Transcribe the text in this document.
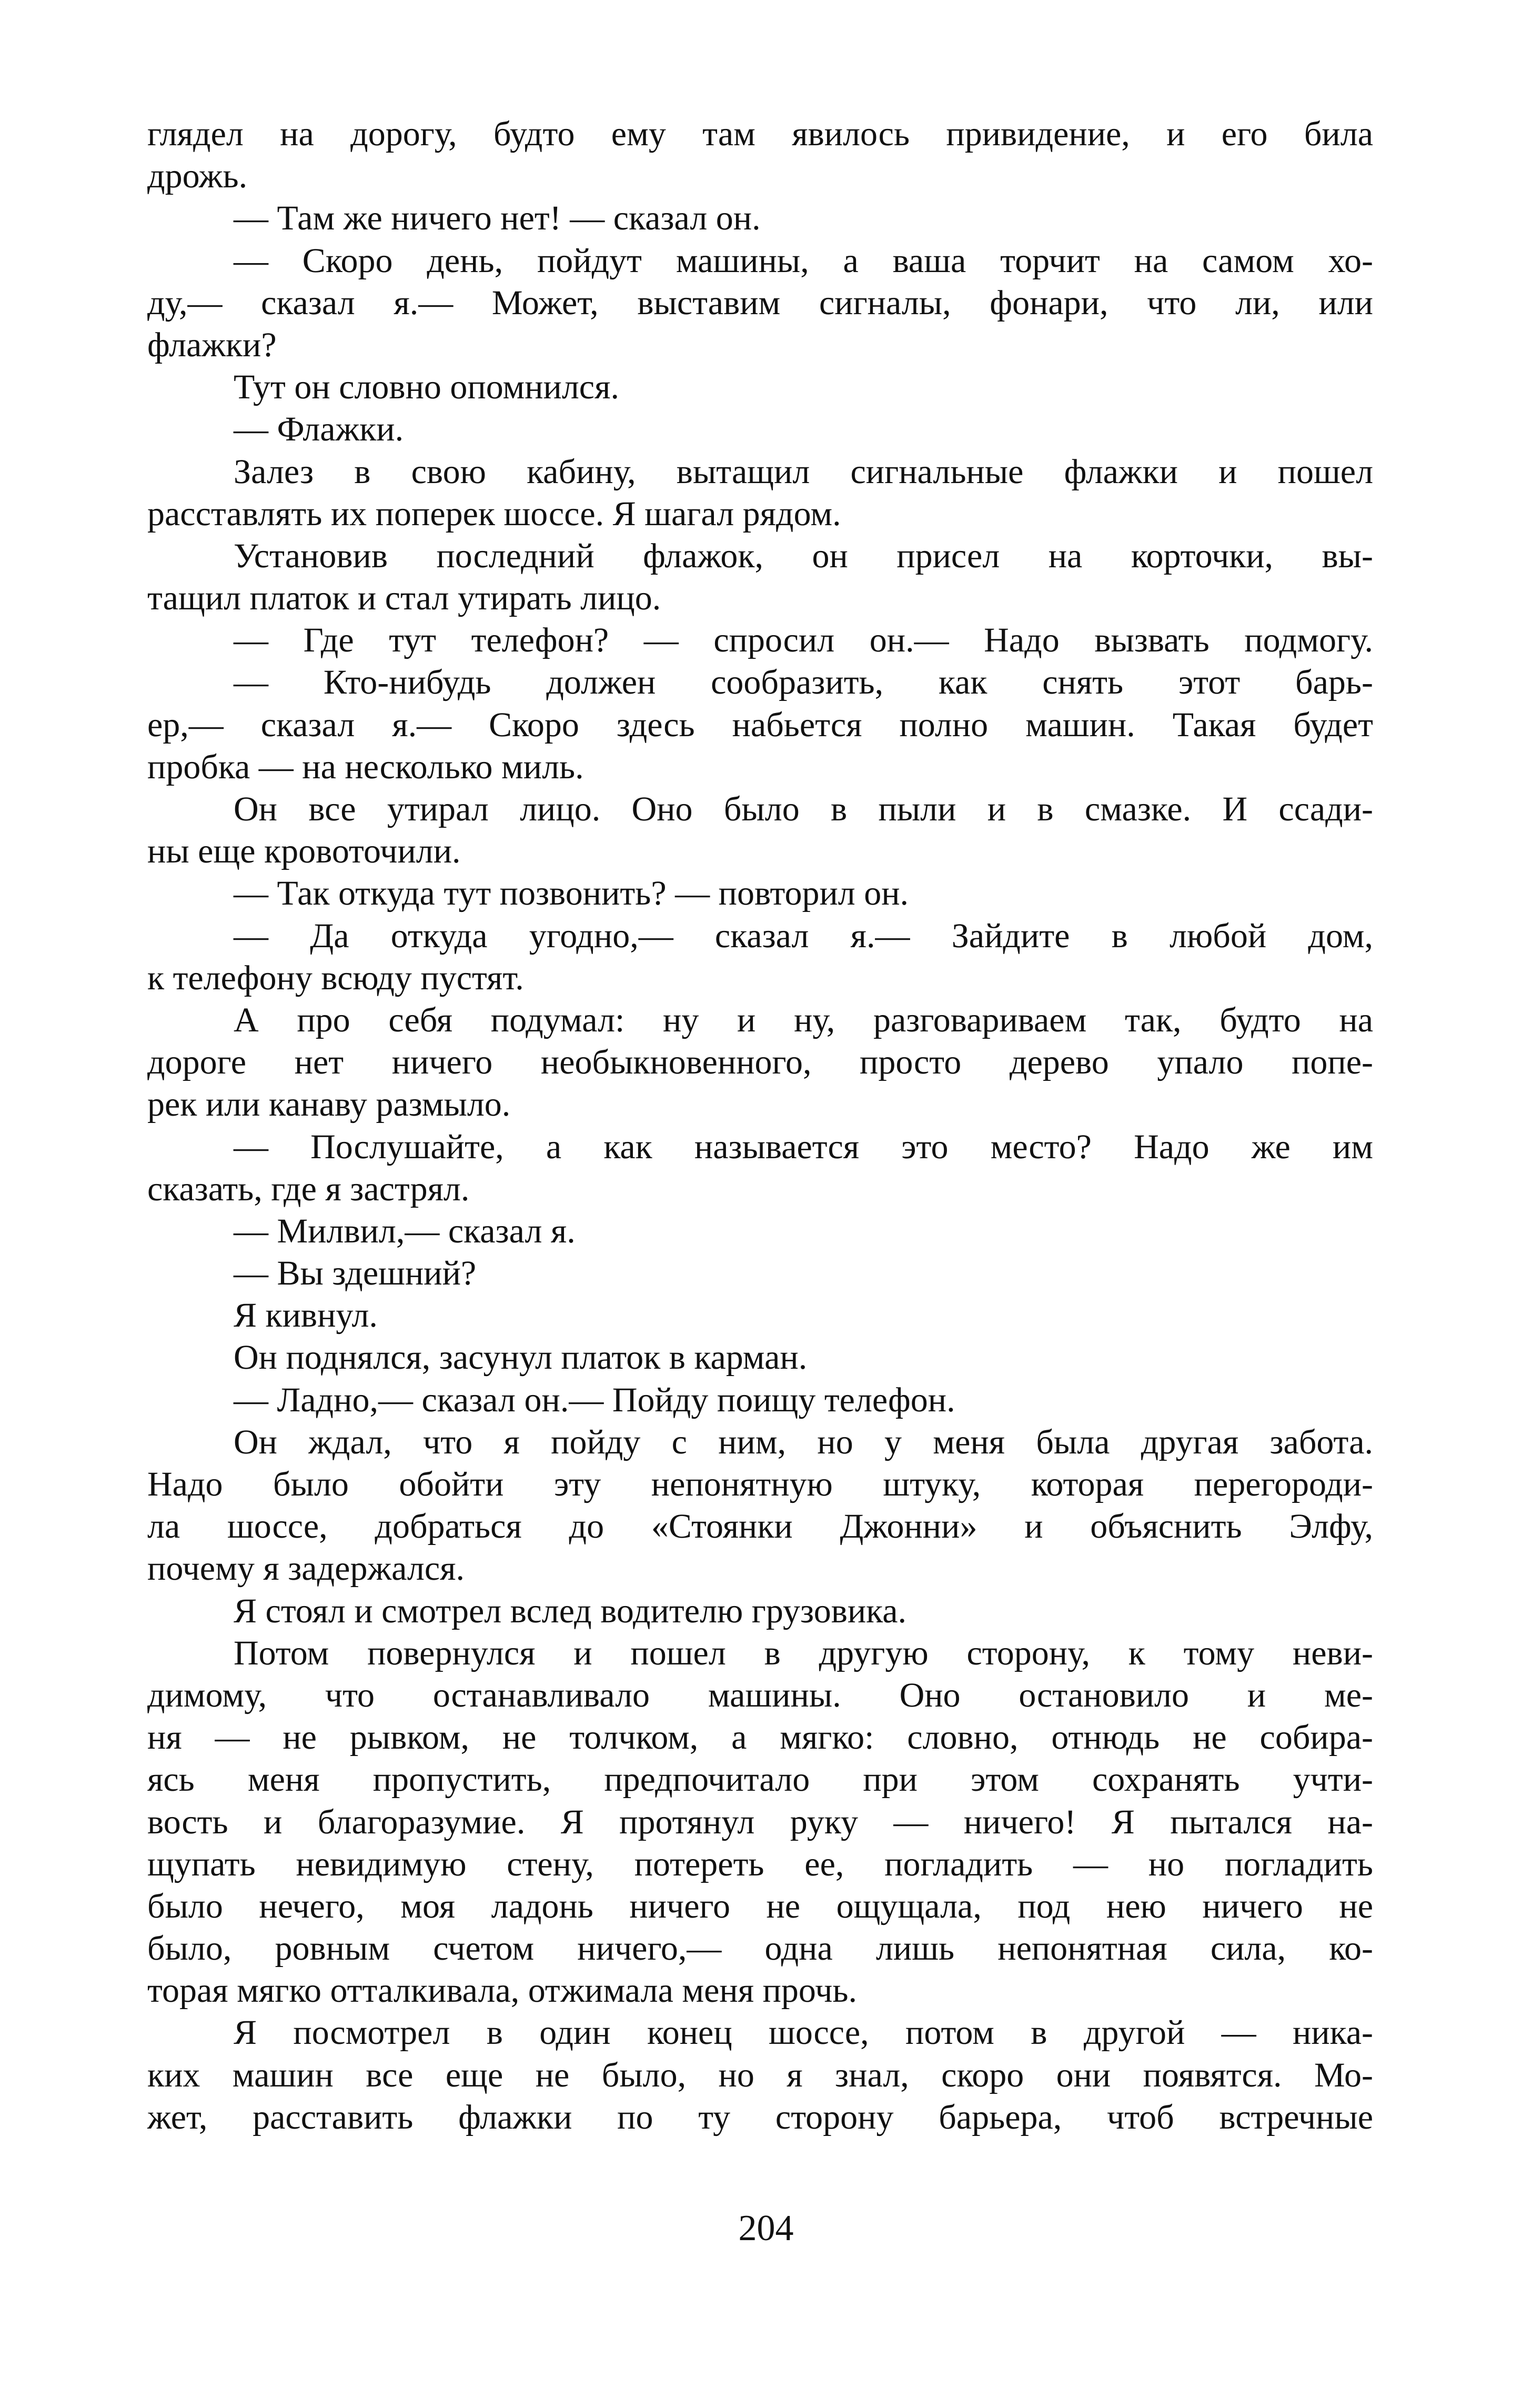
глядел на дорогу, будто ему там явилось привидение, и его била
дрожь.
— Там же ничего нет! — сказал он.
— Скоро день, пойдут машины, а ваша торчит на самом хо-
ду,— сказал я.— Может, выставим сигналы, фонари, что ли, или
флажки?
Тут он словно опомнился.
— Флажки.
Залез в свою кабину, вытащил сигнальные флажки и пошел
расставлять их поперек шоссе. Я шагал рядом.
Установив последний флажок, он присел на корточки, вы-
тащил платок и стал утирать лицо.
— Где тут телефон? — спросил он.— Надо вызвать подмогу.
— Кто-нибудь должен сообразить, как снять этот барь-
ер,— сказал я.— Скоро здесь набьется полно машин. Такая будет
пробка — на несколько миль.
Он все утирал лицо. Оно было в пыли и в смазке. И ссади-
ны еще кровоточили.
— Так откуда тут позвонить? — повторил он.
— Да откуда угодно,— сказал я.— Зайдите в любой дом,
к телефону всюду пустят.
А про себя подумал: ну и ну, разговариваем так, будто на
дороге нет ничего необыкновенного, просто дерево упало попе-
рек или канаву размыло.
— Послушайте, а как называется это место? Надо же им
сказать, где я застрял.
— Милвил,— сказал я.
— Вы здешний?
Я кивнул.
Он поднялся, засунул платок в карман.
— Ладно,— сказал он.— Пойду поищу телефон.
Он ждал, что я пойду с ним, но у меня была другая забота.
Надо было обойти эту непонятную штуку, которая перегороди-
ла шоссе, добраться до «Стоянки Джонни» и объяснить Элфу,
почему я задержался.
Я стоял и смотрел вслед водителю грузовика.
Потом повернулся и пошел в другую сторону, к тому неви-
димому, что останавливало машины. Оно остановило и ме-
ня — не рывком, не толчком, а мягко: словно, отнюдь не собира-
ясь меня пропустить, предпочитало при этом сохранять учти-
вость и благоразумие. Я протянул руку — ничего! Я пытался на-
щупать невидимую стену, потереть ее, погладить — но погладить
было нечего, моя ладонь ничего не ощущала, под нею ничего не
было, ровным счетом ничего,— одна лишь непонятная сила, ко-
торая мягко отталкивала, отжимала меня прочь.
Я посмотрел в один конец шоссе, потом в другой — ника-
ких машин все еще не было, но я знал, скоро они появятся. Мо-
жет, расставить флажки по ту сторону барьера, чтоб встречные
204
